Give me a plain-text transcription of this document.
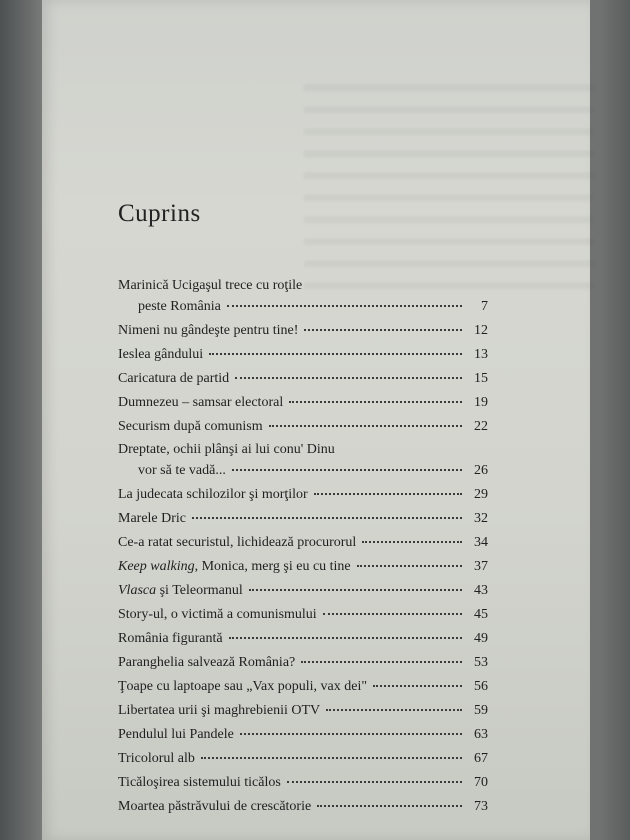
Cuprins
Marinică Ucigaşul trece cu roţile
peste România	7
Nimeni nu gândeşte pentru tine!	12
Ieslea gândului	13
Caricatura de partid	15
Dumnezeu – samsar electoral	19
Securism după comunism	22
Dreptate, ochii plânşi ai lui conu' Dinu
vor să te vadă...	26
La judecata schilozilor şi morţilor	29
Marele Dric	32
Ce-a ratat securistul, lichidează procurorul	34
Keep walking, Monica, merg şi eu cu tine	37
Vlasca şi Teleormanul	43
Story-ul, o victimă a comunismului	45
România figurantă	49
Paranghelia salvează România?	53
Ţoape cu laptoape sau „Vax populi, vax dei"	56
Libertatea urii şi maghrebienii OTV	59
Pendulul lui Pandele	63
Tricolorul alb	67
Ticăloşirea sistemului ticălos	70
Moartea păstrăvului de crescătorie	73
